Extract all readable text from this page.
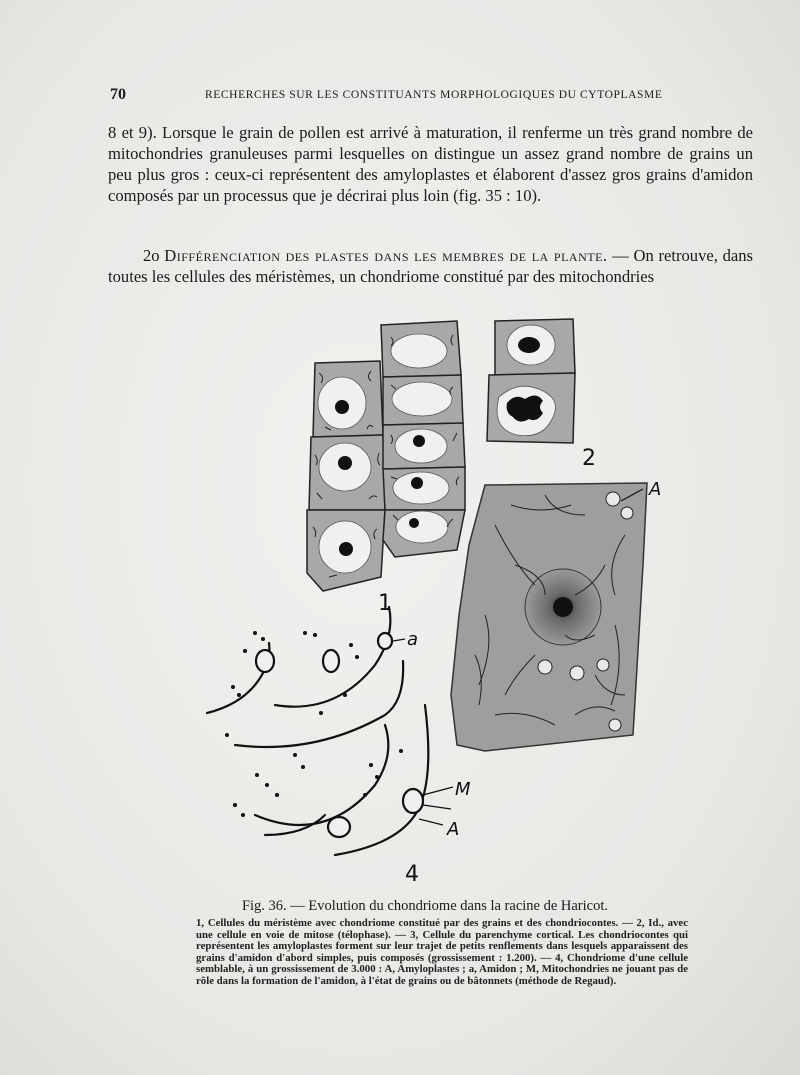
70	RECHERCHES SUR LES CONSTITUANTS MORPHOLOGIQUES DU CYTOPLASME
8 et 9). Lorsque le grain de pollen est arrivé à maturation, il renferme un très grand nombre de mitochondries granuleuses parmi lesquelles on distingue un assez grand nombre de grains un peu plus gros : ceux-ci représentent des amyloplastes et élaborent d'assez gros grains d'amidon composés par un processus que je décrirai plus loin (fig. 35 : 10).
2o Différenciation des plastes dans les membres de la plante. — On retrouve, dans toutes les cellules des méristèmes, un chondriome constitué par des mitochondries
2
A
1
a
M
A
4
Fig. 36. — Evolution du chondriome dans la racine de Haricot.
1, Cellules du méristème avec chondriome constitué par des grains et des chondriocontes. — 2, Id., avec une cellule en voie de mitose (télophase). — 3, Cellule du parenchyme cortical. Les chondriocontes qui représentent les amyloplastes forment sur leur trajet de petits renflements dans lesquels apparaissent des grains d'amidon d'abord simples, puis composés (grossissement : 1.200). — 4, Chondriome d'une cellule semblable, à un grossissement de 3.000 : A, Amyloplastes ; a, Amidon ; M, Mitochondries ne jouant pas de rôle dans la formation de l'amidon, à l'état de grains ou de bâtonnets (méthode de Regaud).
